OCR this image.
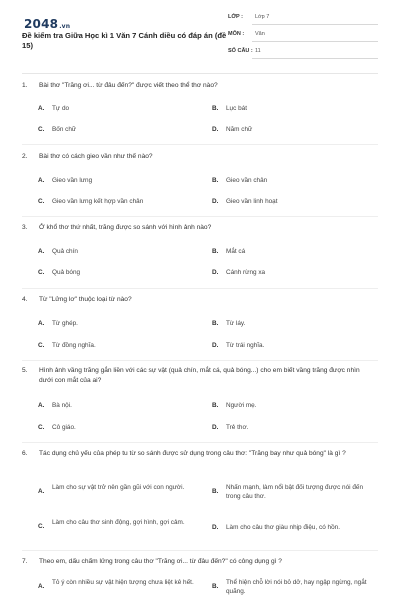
2048.vn
Đề kiểm tra Giữa Học kì 1 Văn 7 Cánh diều có đáp án (đề 15)
LỚP : Lớp 7
MÔN : Văn
SỐ CÂU : 11
1. Bài thơ "Trăng ơi... từ đâu đến?" được viết theo thể thơ nào?
A. Tự do	B. Lục bát
C. Bốn chữ	D. Năm chữ
2. Bài thơ có cách gieo vần như thế nào?
A. Gieo vần lưng	B. Gieo vần chân
C. Gieo vần lưng kết hợp vần chân	D. Gieo vần linh hoạt
3. Ở khổ thơ thứ nhất, trăng được so sánh với hình ảnh nào?
A. Quả chín	B. Mắt cá
C. Quả bóng	D. Cánh rừng xa
4. Từ "Lửng lơ" thuộc loại từ nào?
A. Từ ghép.	B. Từ láy.
C. Từ đồng nghĩa.	D. Từ trái nghĩa.
5. Hình ảnh vầng trăng gắn liền với các sự vật (quả chín, mắt cá, quả bóng...) cho em biết vầng trăng được nhìn dưới con mắt của ai?
A. Bà nội.	B. Người mẹ.
C. Cô giáo.	D. Trẻ thơ.
6. Tác dụng chủ yếu của phép tu từ so sánh được sử dụng trong câu thơ: "Trăng bay như quả bóng" là gì ?
A.
Làm cho sự vật trở nên gần gũi với con người.
B.
Nhấn mạnh, làm nổi bật đối tượng được nói đến trong câu thơ.
C.
Làm cho câu thơ sinh động, gợi hình, gợi cảm.
D. Làm cho câu thơ giàu nhịp điệu, có hồn.
7. Theo em, dấu chấm lửng trong câu thơ "Trăng ơi... từ đâu đến?" có công dụng gì ?
A.
Tỏ ý còn nhiều sự vật hiện tượng chưa liệt kê hết.
B.
Thể hiện chỗ lời nói bỏ dở, hay ngập ngừng, ngắt quãng.
